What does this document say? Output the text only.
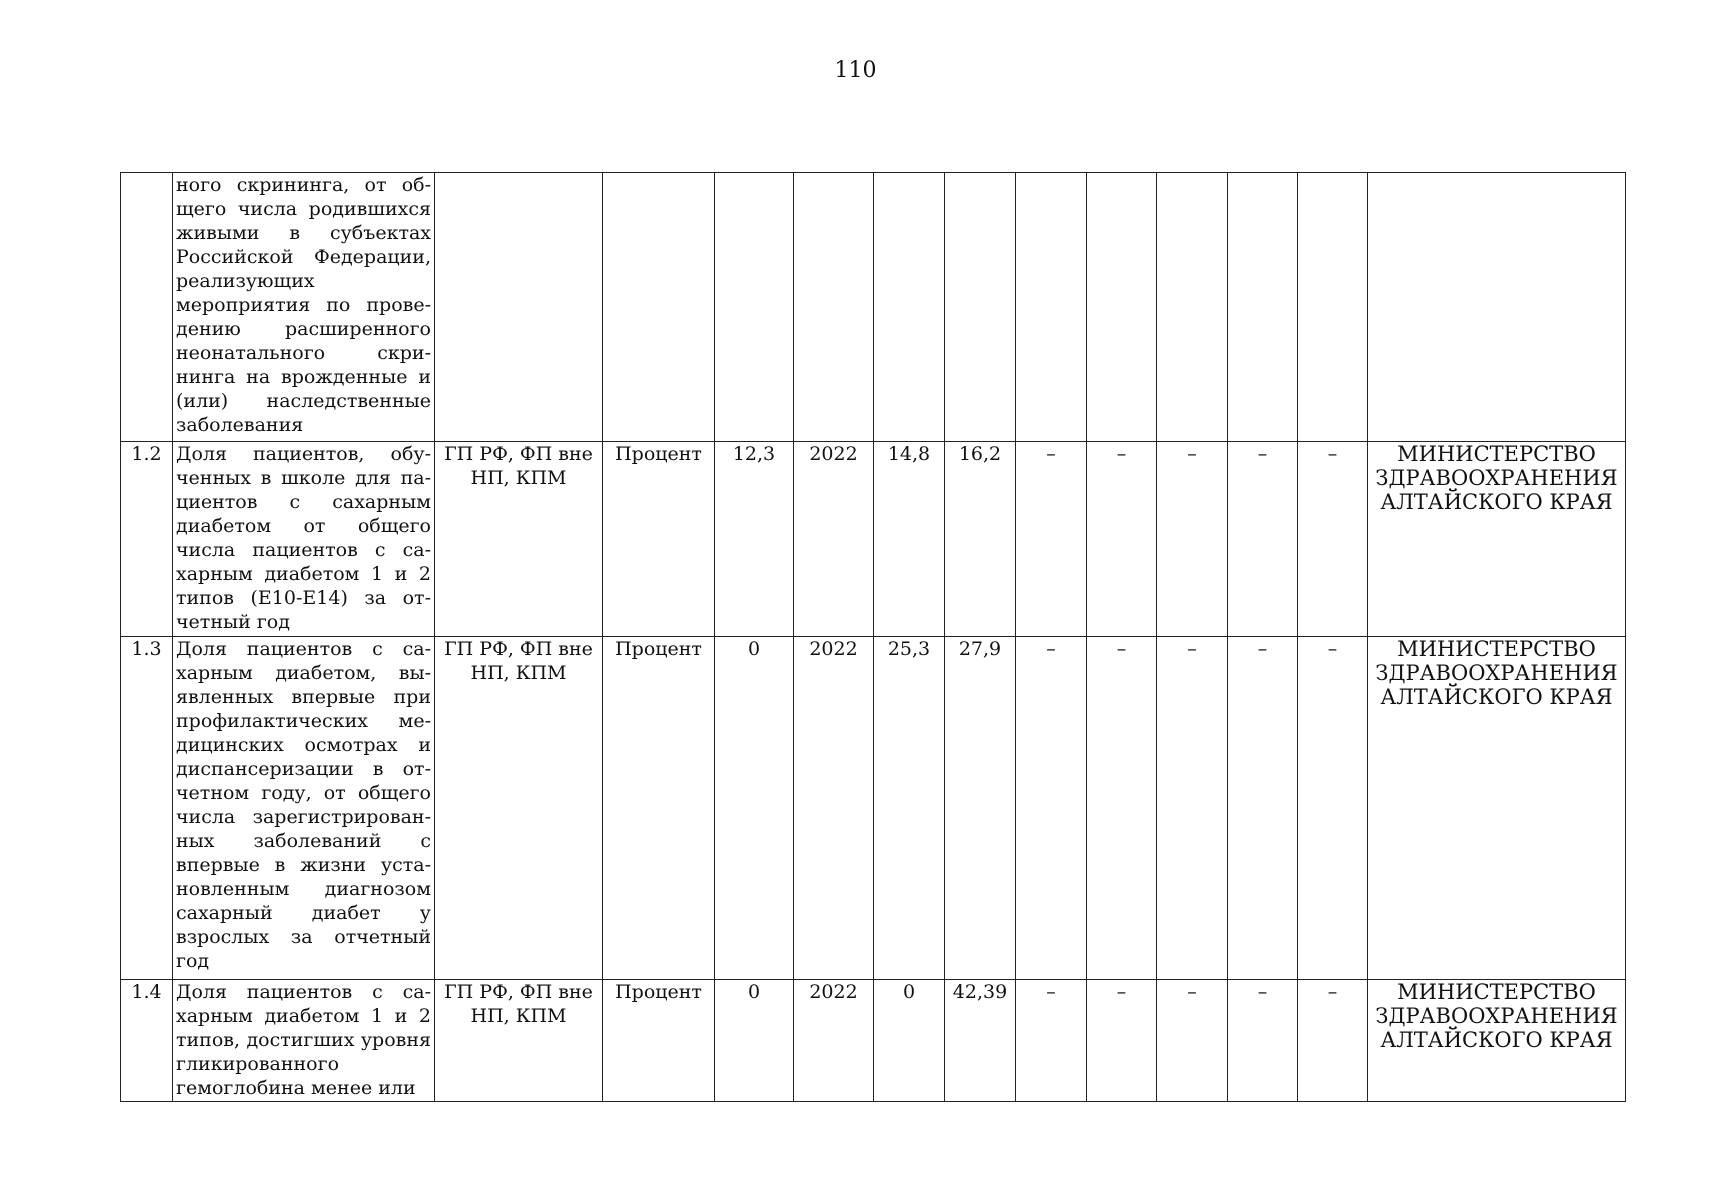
110
	ного скрининга, от общего числа родившихся живыми в субъектах Российской Федерации, реализующих мероприятия по проведению расширенного неонатального скрининга на врожденные и (или) наследственные заболевания												
1.2	Доля пациентов, обученных в школе для пациентов с сахарным диабетом от общего числа пациентов с сахарным диабетом 1 и 2 типов (Е10-Е14) за отчетный год	ГП РФ, ФП вне НП, КПМ	Процент	12,3	2022	14,8	16,2	–	–	–	–	–	МИНИСТЕРСТВО ЗДРАВООХРАНЕНИЯ АЛТАЙСКОГО КРАЯ
1.3	Доля пациентов с сахарным диабетом, выявленных впервые при профилактических медицинских осмотрах и диспансеризации в отчетном году, от общего числа зарегистрированных заболеваний с впервые в жизни установленным диагнозом сахарный диабет у взрослых за отчетный год	ГП РФ, ФП вне НП, КПМ	Процент	0	2022	25,3	27,9	–	–	–	–	–	МИНИСТЕРСТВО ЗДРАВООХРАНЕНИЯ АЛТАЙСКОГО КРАЯ
1.4	Доля пациентов с сахарным диабетом 1 и 2 типов, достигших уровня гликированного гемоглобина менее или	ГП РФ, ФП вне НП, КПМ	Процент	0	2022	0	42,39	–	–	–	–	–	МИНИСТЕРСТВО ЗДРАВООХРАНЕНИЯ АЛТАЙСКОГО КРАЯ
